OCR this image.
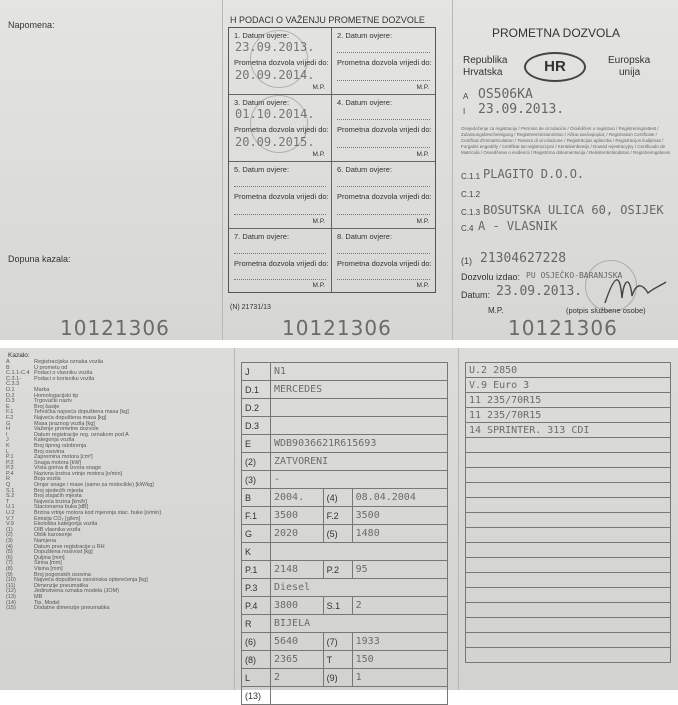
Napomena:
Dopuna kazala:
10121306
H PODACI O VAŽENJU PROMETNE DOZVOLE
1. Datum ovjere:
23.09.2013.
Prometna dozvola vrijedi do:
20.09.2014.
M.P.
2. Datum ovjere:
Prometna dozvola vrijedi do:
M.P.
3. Datum ovjere:
01.10.2014.
Prometna dozvola vrijedi do:
20.09.2015.
M.P.
4. Datum ovjere:
Prometna dozvola vrijedi do:
M.P.
5. Datum ovjere:
Prometna dozvola vrijedi do:
M.P.
6. Datum ovjere:
Prometna dozvola vrijedi do:
M.P.
7. Datum ovjere:
Prometna dozvola vrijedi do:
M.P.
8. Datum ovjere:
Prometna dozvola vrijedi do:
M.P.
(N) 21731/13
10121306
PROMETNA DOZVOLA
Republika
Hrvatska	HR	Europska
unija
A OS506KA
I 23.09.2013.
Osvjedočenje za registraciju / Permiso de circulación / Osvědčení o registraci / Registreringsattest / Zulassungsbescheinigung / Registreerimistunnistus / Άδεια κυκλοφορίας / Registration Certificate / Certificat d'immatriculation / Tessera di circolazione / Reģistrācijas apliecība / Registracijos liudijimas / Forgalmi engedély / Certifikat tar-reġistrazzjoni / Kentekenbewijs / Dowód rejestracyjny / Certificado de Matrícula / Osvedčenie o evidencii / Registrirna dokumentacija / Rekisteröintitodistus / Registreringsbevis
C.1.1 PLAGITO D.O.O.
C.1.2
C.1.3 BOSUTSKA ULICA 60, OSIJEK
C.4 A - VLASNIK
(1) 21304627228
Dozvolu izdao: PU OSJEČKO-BARANJSKA
Datum: 23.09.2013.
M.P.	(potpis službene osobe)
10121306
Kazalo:
A	Registracijska oznaka vozila
B	U prometu od
C.1.1-C.4 Podaci o vlasniku vozila
C.3.1-C.3.3
Podaci o korisniku vozila
D.1	Marka
D.2	Homologacijski tip
D.3	Trgovački naziv
E	Broj šasije
F.1	Tehnička najveća dopuštena masa [kg]
F.2	Najveća dopuštena masa [kg]
G	Masa praznog vozila [kg]
H	Važenje prometne dozvole
I	Datum registracije reg. oznakom pod A
J	Kategorija vozila
K	Broj tipnog odobrenja
L	Broj osovina
P.1	Zapremina motora [cm³]
P.2	Snaga motora [kW]
P.3	Vrsta goriva ili izvora snage
P.4	Nazivna brzina vrtnje motora [o/min]
R	Boja vozila
Q	Omjer snage i mase (samo za motocikle) [kW/kg]
S.1	Broj sjedećih mjesta
S.2	Broj stajaćih mjesta
T	Najveća brzina [km/h]
U.1	Stacionarna buka [dB]
U.2	Brzina vrtnje motora kod mjerenja stac. buke [o/min]
V.7	Emisija CO₂ [g/km]
V.9	Ekološka kategorija vozila
(1)	OIB vlasnika vozila
(2)	Oblik karoserije
(3)	Namjena
(4)	Datum prve registracije u RH
(5)	Dopuštena nosivost [kg]
(6)	Duljina [mm]
(7)	Širina [mm]
(8)	Visina [mm]
(9)	Broj pogonskih osovina
(10)	Najveća dopuštena osovinska opterećenja [kg]
(11)	Dimenzije pneumatika
(12)	Jedinstvena oznaka modela (JOM)
(13)	MB
(14)	Tip, Model
(15)	Dodatne dimenzije pneumatika
J	N1		
D.1	MERCEDES		
D.2			
D.3			
E	WDB9036621R615693		
(2)	ZATVORENI		
(3)	-		
B	2004.	(4)	08.04.2004
F.1	3500	F.2	3500
G	2020	(5)	1480
K			
P.1	2148	P.2	95
P.3	Diesel		
P.4	3800	S.1	2
R	BIJELA		
(6)	5640	(7)	1933
(8)	2365	T	150
L	2	(9)	1
(13)			
U.2 2850
V.9 Euro 3
11 235/70R15
11 235/70R15
14 SPRINTER. 313 CDI
